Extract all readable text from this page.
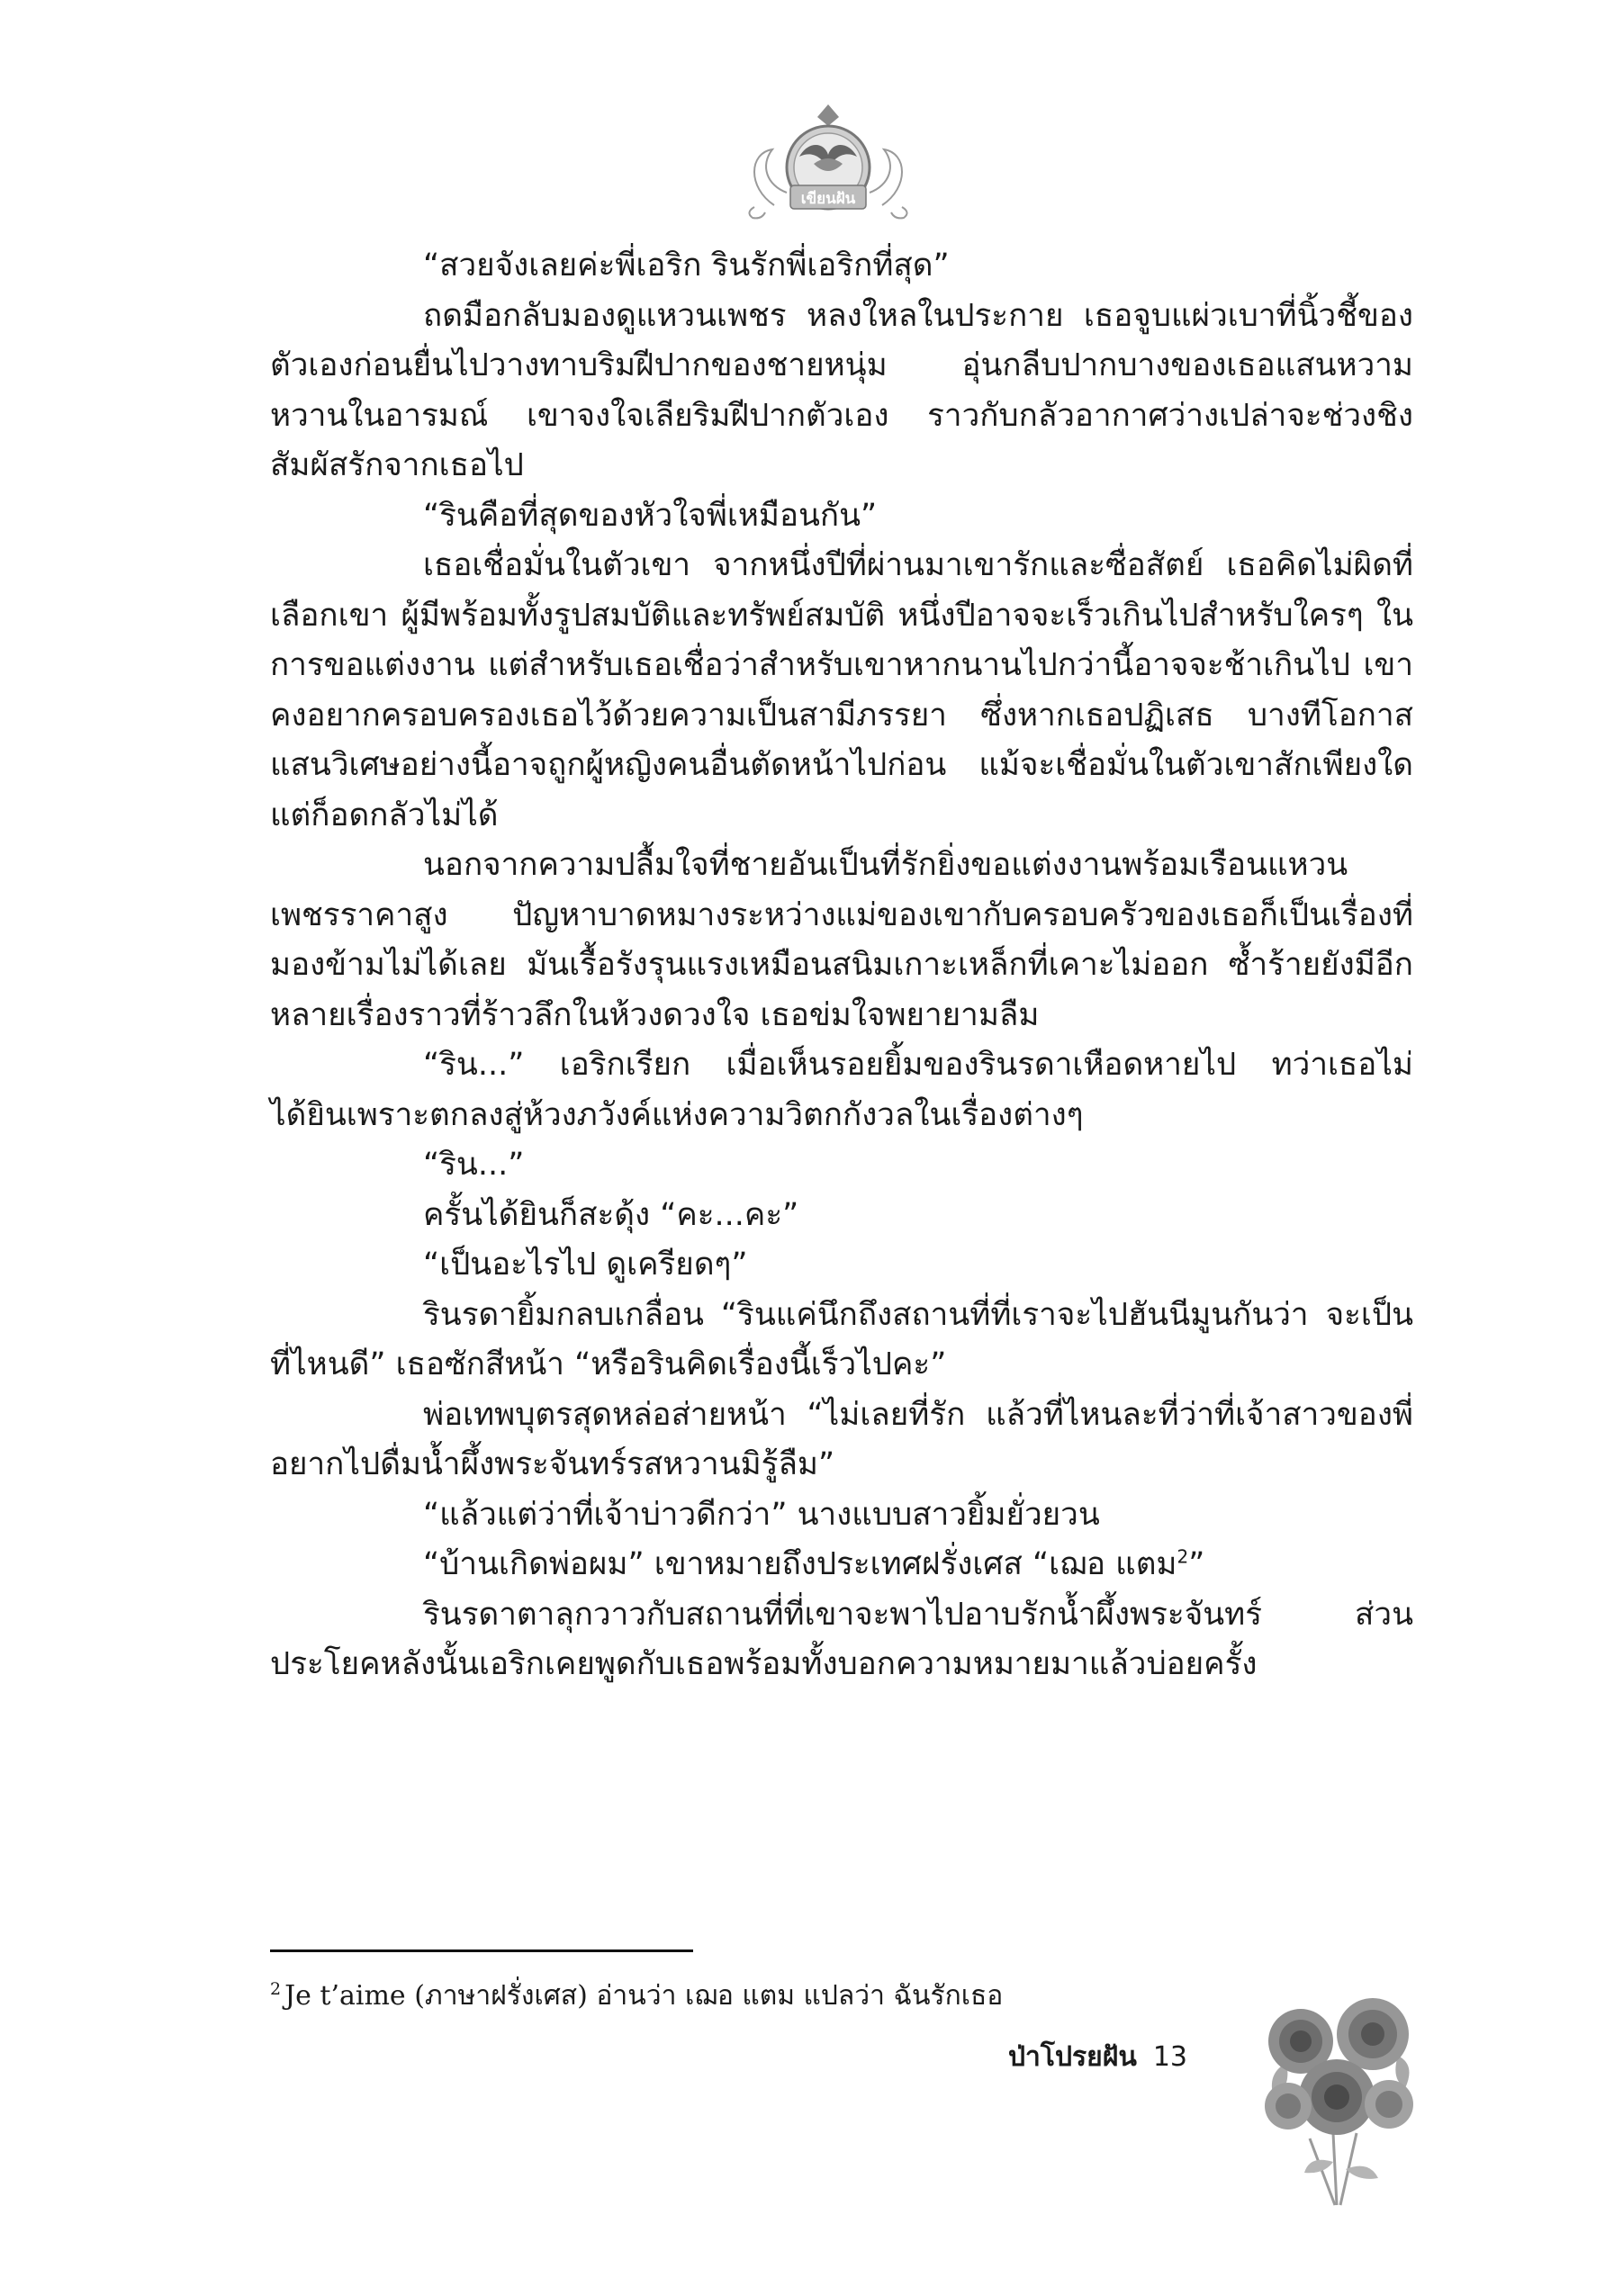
เขียนฝัน

“สวยจังเลยค่ะพี่เอริก รินรักพี่เอริกที่สุด”

ถดมือกลับมองดูแหวนเพชร หลงใหลในประกาย เธอจูบแผ่วเบาที่นิ้วชี้ของตัวเองก่อนยื่นไปวางทาบริมฝีปากของชายหนุ่ม อุ่นกลีบปากบางของเธอแสนหวามหวานในอารมณ์ เขาจงใจเลียริมฝีปากตัวเอง ราวกับกลัวอากาศว่างเปล่าจะช่วงชิงสัมผัสรักจากเธอไป

“รินคือที่สุดของหัวใจพี่เหมือนกัน”

เธอเชื่อมั่นในตัวเขา จากหนึ่งปีที่ผ่านมาเขารักและซื่อสัตย์ เธอคิดไม่ผิดที่เลือกเขา ผู้มีพร้อมทั้งรูปสมบัติและทรัพย์สมบัติ หนึ่งปีอาจจะเร็วเกินไปสำหรับใครๆ ในการขอแต่งงาน แต่สำหรับเธอเชื่อว่าสำหรับเขาหากนานไปกว่านี้อาจจะช้าเกินไป เขาคงอยากครอบครองเธอไว้ด้วยความเป็นสามีภรรยา ซึ่งหากเธอปฏิเสธ บางทีโอกาสแสนวิเศษอย่างนี้อาจถูกผู้หญิงคนอื่นตัดหน้าไปก่อน แม้จะเชื่อมั่นในตัวเขาสักเพียงใดแต่ก็อดกลัวไม่ได้

นอกจากความปลื้มใจที่ชายอันเป็นที่รักยิ่งขอแต่งงานพร้อมเรือนแหวนเพชรราคาสูง ปัญหาบาดหมางระหว่างแม่ของเขากับครอบครัวของเธอก็เป็นเรื่องที่มองข้ามไม่ได้เลย มันเรื้อรังรุนแรงเหมือนสนิมเกาะเหล็กที่เคาะไม่ออก ซ้ำร้ายยังมีอีกหลายเรื่องราวที่ร้าวลึกในห้วงดวงใจ เธอข่มใจพยายามลืม

“ริน...” เอริกเรียก เมื่อเห็นรอยยิ้มของรินรดาเหือดหายไป ทว่าเธอไม่ได้ยินเพราะตกลงสู่ห้วงภวังค์แห่งความวิตกกังวลในเรื่องต่างๆ

“ริน...”

ครั้นได้ยินก็สะดุ้ง “คะ...คะ”

“เป็นอะไรไป ดูเครียดๆ”

รินรดายิ้มกลบเกลื่อน “รินแค่นึกถึงสถานที่ที่เราจะไปฮันนีมูนกันว่า จะเป็นที่ไหนดี” เธอซักสีหน้า “หรือรินคิดเรื่องนี้เร็วไปคะ”

พ่อเทพบุตรสุดหล่อส่ายหน้า “ไม่เลยที่รัก แล้วที่ไหนละที่ว่าที่เจ้าสาวของพี่อยากไปดื่มน้ำผึ้งพระจันทร์รสหวานมิรู้ลืม”

“แล้วแต่ว่าที่เจ้าบ่าวดีกว่า” นางแบบสาวยิ้มยั่วยวน

“บ้านเกิดพ่อผม” เขาหมายถึงประเทศฝรั่งเศส “เฌอ แตม$^2$”

รินรดาตาลุกวาวกับสถานที่ที่เขาจะพาไปอาบรักน้ำผึ้งพระจันทร์ ส่วนประโยคหลังนั้นเอริกเคยพูดกับเธอพร้อมทั้งบอกความหมายมาแล้วบ่อยครั้ง

$^2$ Je t’aime (ภาษาฝรั่งเศส) อ่านว่า เฌอ แตม แปลว่า ฉันรักเธอ
ป่าโปรยฝัน 13
